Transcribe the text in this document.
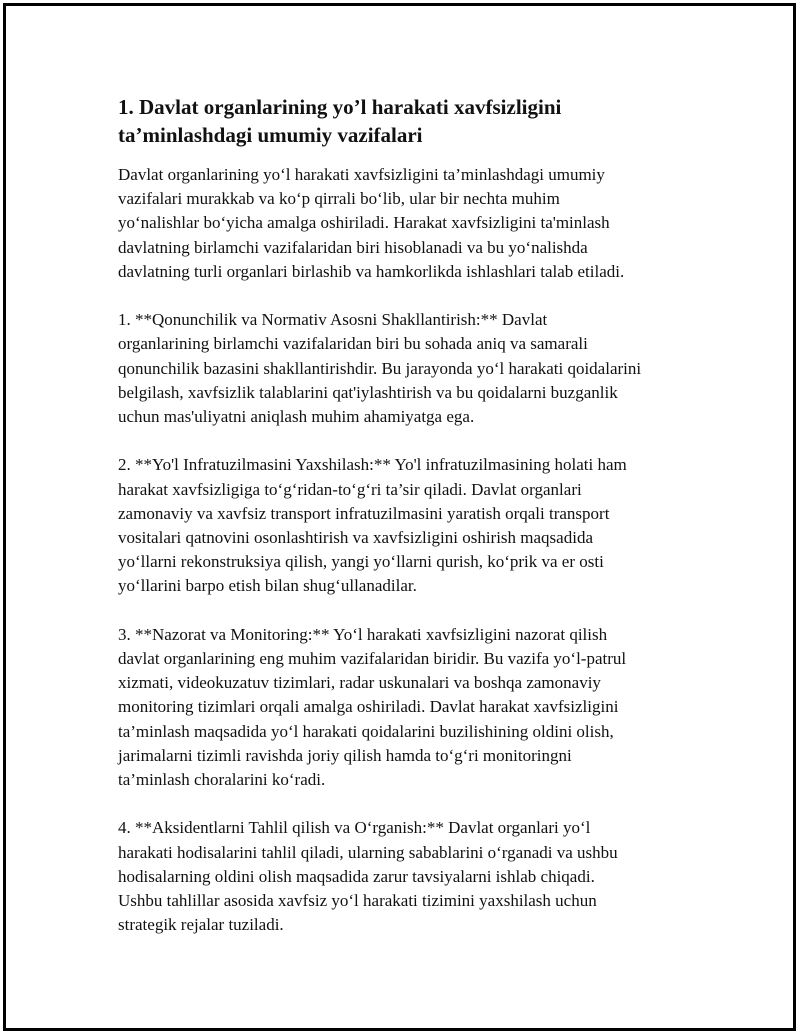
1. Davlat organlarining yo’l harakati xavfsizligini
ta’minlashdagi umumiy vazifalari

Davlat organlarining yo‘l harakati xavfsizligini ta’minlashdagi umumiy
vazifalari murakkab va ko‘p qirrali bo‘lib, ular bir nechta muhim
yo‘nalishlar bo‘yicha amalga oshiriladi. Harakat xavfsizligini ta'minlash
davlatning birlamchi vazifalaridan biri hisoblanadi va bu yo‘nalishda
davlatning turli organlari birlashib va hamkorlikda ishlashlari talab etiladi.

1. **Qonunchilik va Normativ Asosni Shakllantirish:** Davlat
organlarining birlamchi vazifalaridan biri bu sohada aniq va samarali
qonunchilik bazasini shakllantirishdir. Bu jarayonda yo‘l harakati qoidalarini
belgilash, xavfsizlik talablarini qat'iylashtirish va bu qoidalarni buzganlik
uchun mas'uliyatni aniqlash muhim ahamiyatga ega.

2. **Yo'l Infratuzilmasini Yaxshilash:** Yo'l infratuzilmasining holati ham
harakat xavfsizligiga to‘g‘ridan-to‘g‘ri ta’sir qiladi. Davlat organlari
zamonaviy va xavfsiz transport infratuzilmasini yaratish orqali transport
vositalari qatnovini osonlashtirish va xavfsizligini oshirish maqsadida
yo‘llarni rekonstruksiya qilish, yangi yo‘llarni qurish, ko‘prik va er osti
yo‘llarini barpo etish bilan shug‘ullanadilar.

3. **Nazorat va Monitoring:** Yo‘l harakati xavfsizligini nazorat qilish
davlat organlarining eng muhim vazifalaridan biridir. Bu vazifa yo‘l-patrul
xizmati, videokuzatuv tizimlari, radar uskunalari va boshqa zamonaviy
monitoring tizimlari orqali amalga oshiriladi. Davlat harakat xavfsizligini
ta’minlash maqsadida yo‘l harakati qoidalarini buzilishining oldini olish,
jarimalarni tizimli ravishda joriy qilish hamda to‘g‘ri monitoringni
ta’minlash choralarini ko‘radi.

4. **Aksidentlarni Tahlil qilish va O‘rganish:** Davlat organlari yo‘l
harakati hodisalarini tahlil qiladi, ularning sabablarini o‘rganadi va ushbu
hodisalarning oldini olish maqsadida zarur tavsiyalarni ishlab chiqadi.
Ushbu tahlillar asosida xavfsiz yo‘l harakati tizimini yaxshilash uchun
strategik rejalar tuziladi.
